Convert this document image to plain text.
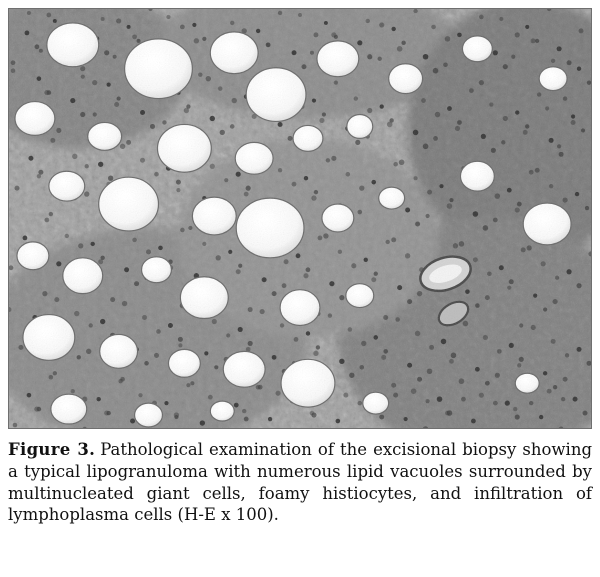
Figure 3. Pathological examination of the excisional biopsy showing a typical lipogranuloma with numerous lipid vacuoles surrounded by multinucleated giant cells, foamy histiocytes, and infiltration of lymphoplasma cells (H-E x 100).
